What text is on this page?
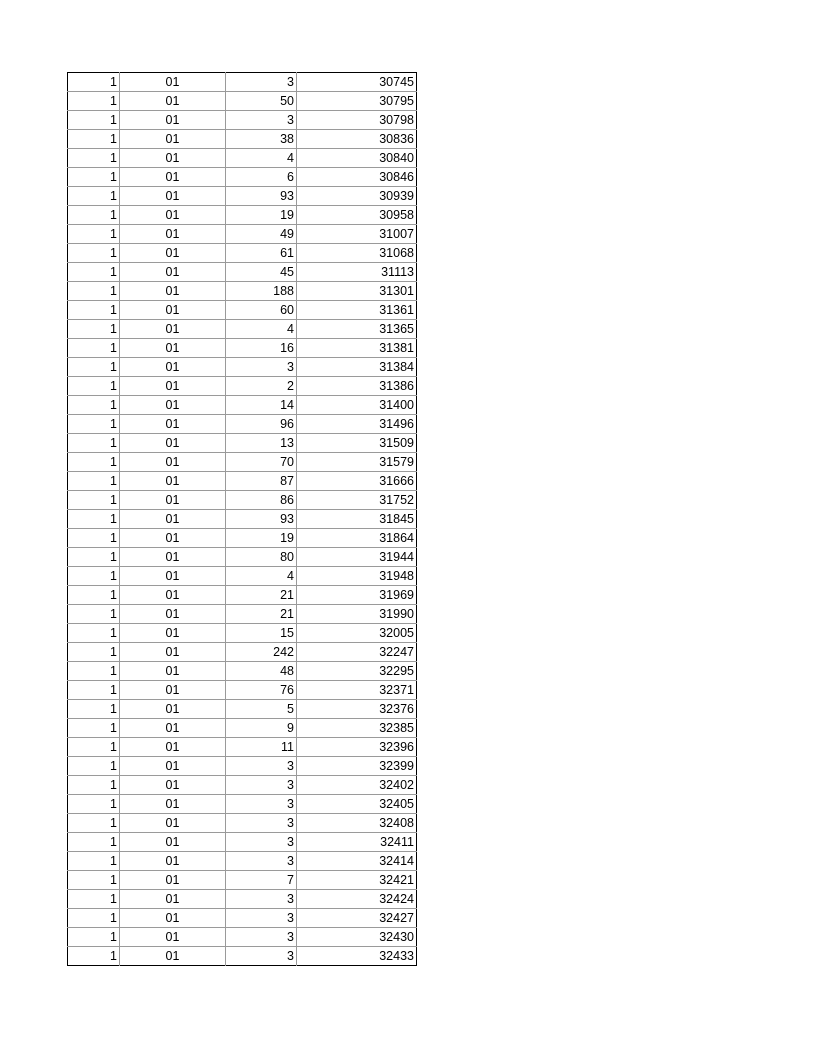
1	01	3	30745
1	01	50	30795
1	01	3	30798
1	01	38	30836
1	01	4	30840
1	01	6	30846
1	01	93	30939
1	01	19	30958
1	01	49	31007
1	01	61	31068
1	01	45	31113
1	01	188	31301
1	01	60	31361
1	01	4	31365
1	01	16	31381
1	01	3	31384
1	01	2	31386
1	01	14	31400
1	01	96	31496
1	01	13	31509
1	01	70	31579
1	01	87	31666
1	01	86	31752
1	01	93	31845
1	01	19	31864
1	01	80	31944
1	01	4	31948
1	01	21	31969
1	01	21	31990
1	01	15	32005
1	01	242	32247
1	01	48	32295
1	01	76	32371
1	01	5	32376
1	01	9	32385
1	01	11	32396
1	01	3	32399
1	01	3	32402
1	01	3	32405
1	01	3	32408
1	01	3	32411
1	01	3	32414
1	01	7	32421
1	01	3	32424
1	01	3	32427
1	01	3	32430
1	01	3	32433
